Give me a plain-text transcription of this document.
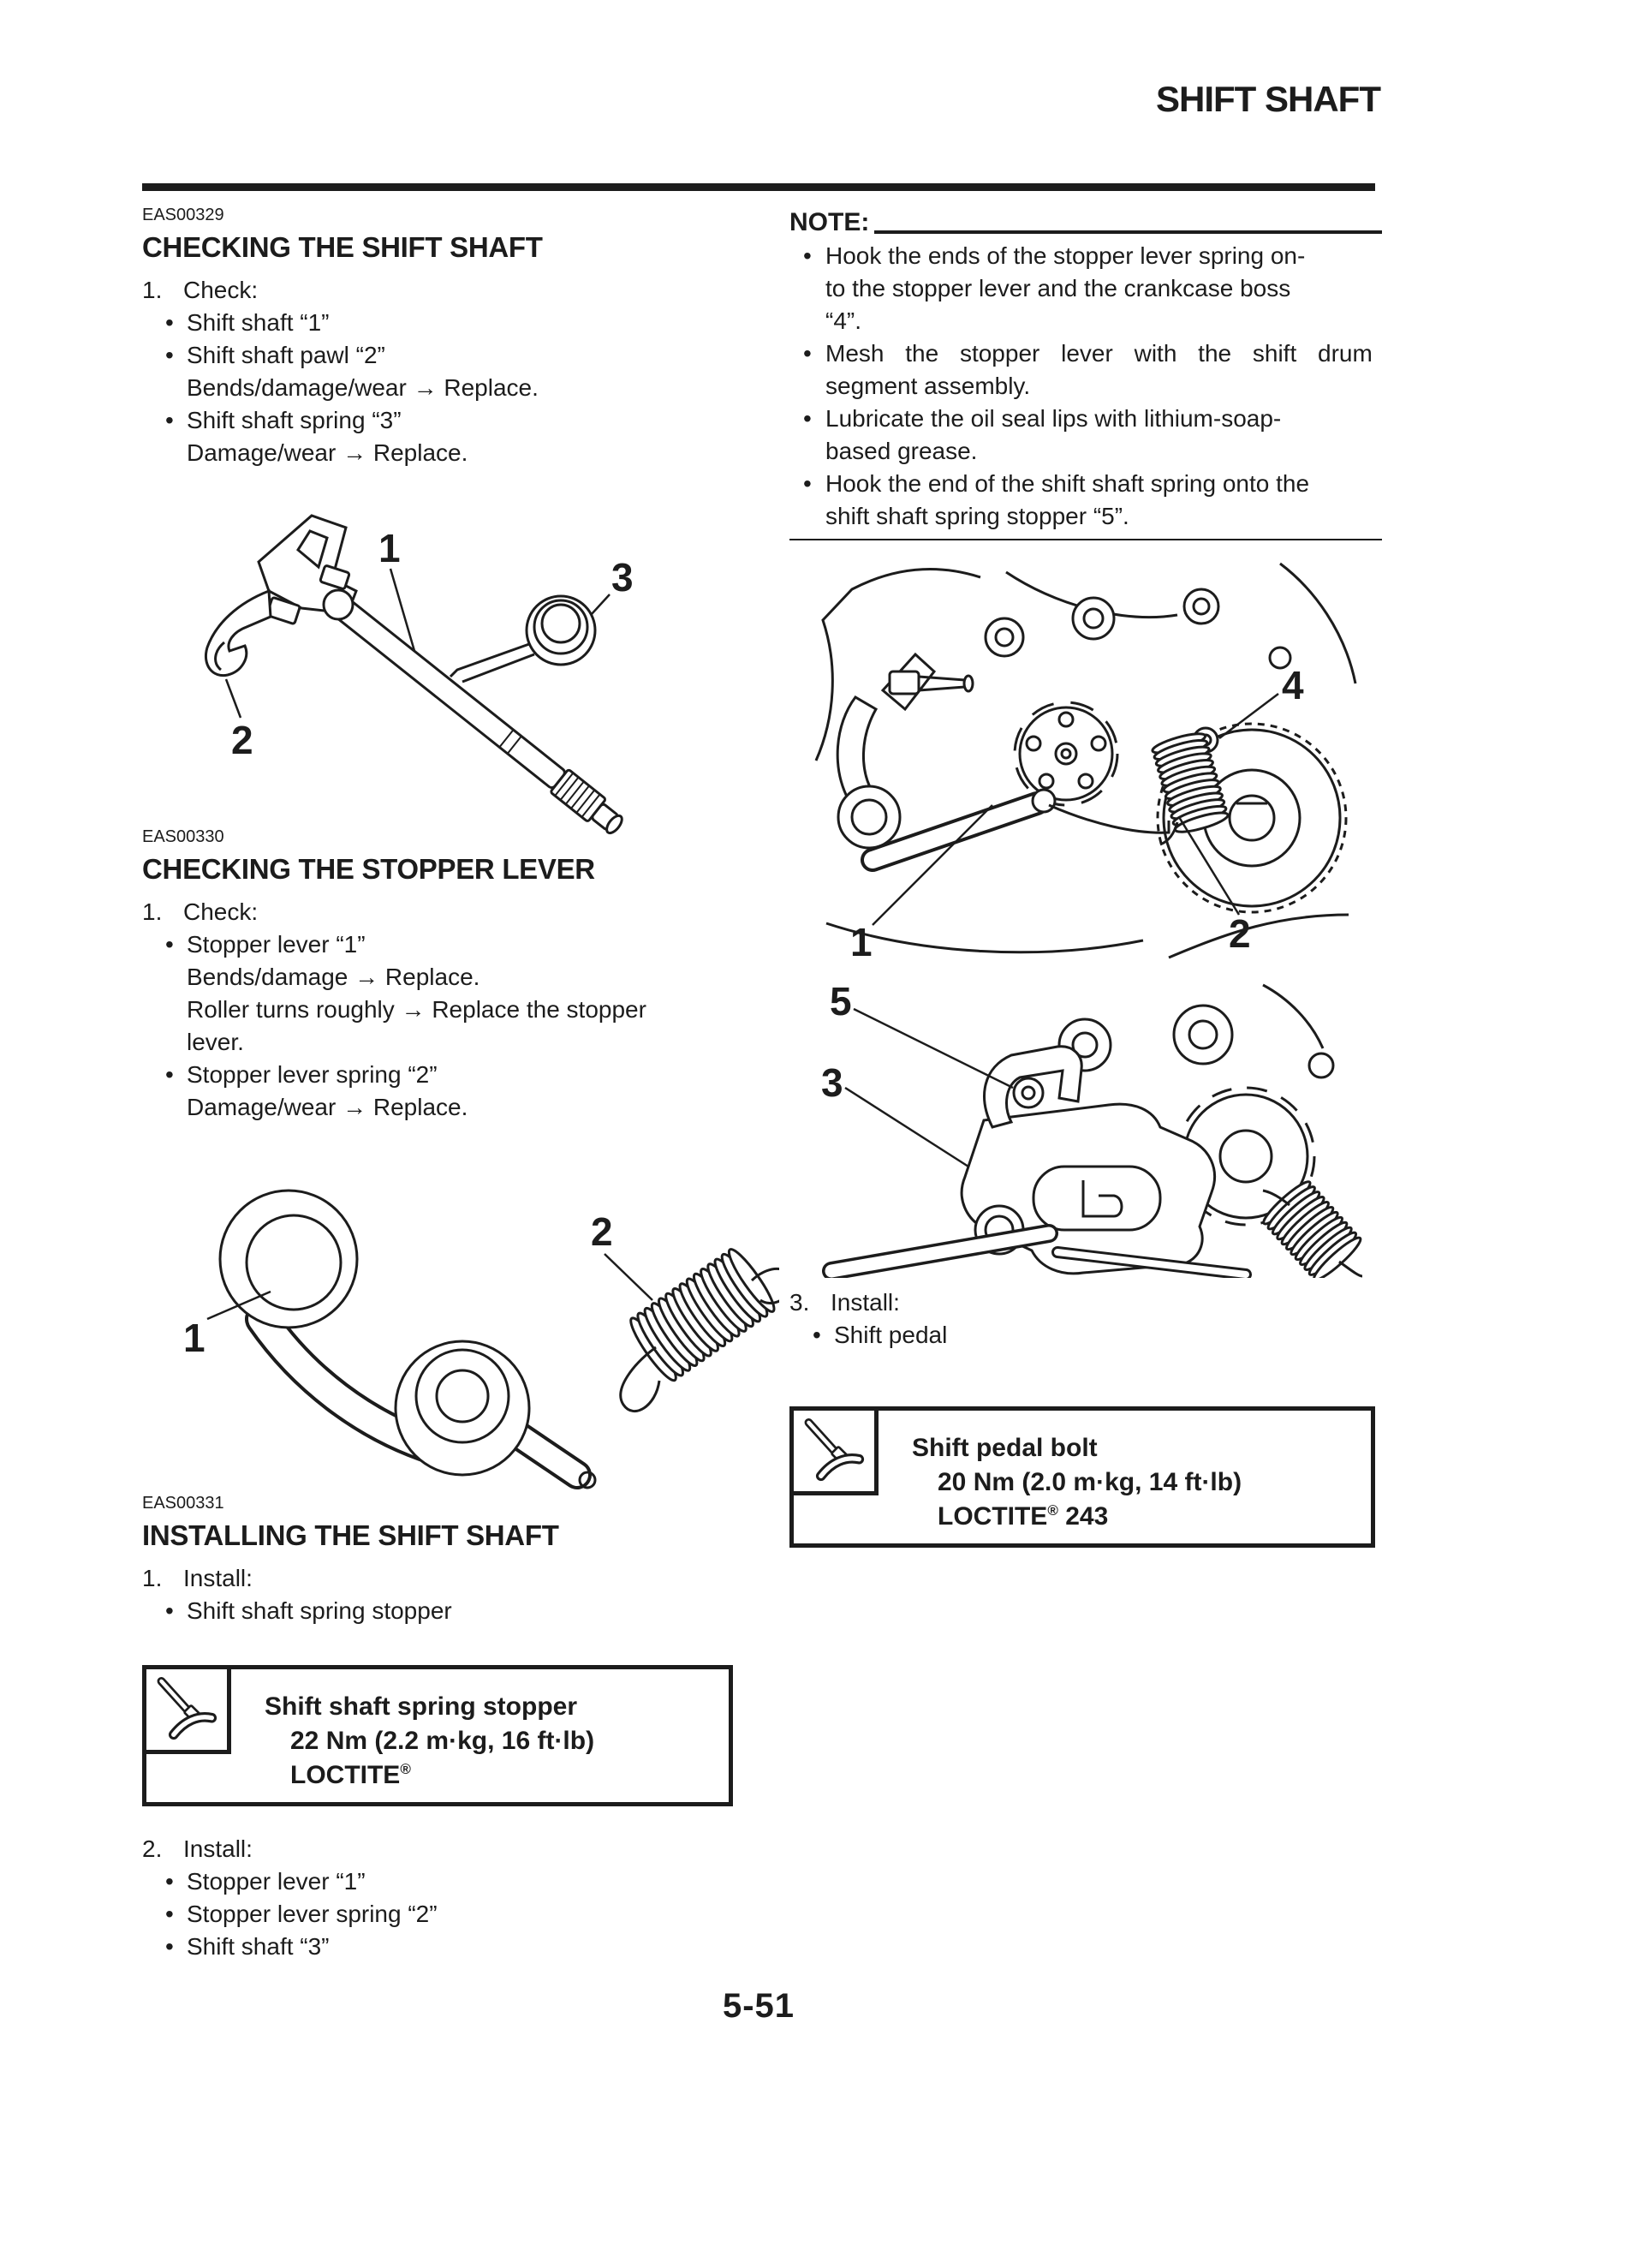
SHIFT SHAFT
EAS00329
CHECKING THE SHIFT SHAFT
1. Check:
• Shift shaft “1”
• Shift shaft pawl “2”
Bends/damage/wear → Replace.
• Shift shaft spring “3”
Damage/wear → Replace.
1
2
3
EAS00330
CHECKING THE STOPPER LEVER
1. Check:
• Stopper lever “1”
Bends/damage → Replace.
Roller turns roughly → Replace the stopper
lever.
• Stopper lever spring “2”
Damage/wear → Replace.
1
2
EAS00331
INSTALLING THE SHIFT SHAFT
1. Install:
• Shift shaft spring stopper
Shift shaft spring stopper
22 Nm (2.2 m·kg, 16 ft·lb)
LOCTITE®
2. Install:
• Stopper lever “1”
• Stopper lever spring “2”
• Shift shaft “3”
5-51
NOTE:
• Hook the ends of the stopper lever spring on-
to the stopper lever and the crankcase boss
“4”.
• Mesh the stopper lever with the shift drum
segment assembly.
• Lubricate the oil seal lips with lithium-soap-
based grease.
• Hook the end of the shift shaft spring onto the
shift shaft spring stopper “5”.
1	2
4
3
5
3. Install:
• Shift pedal
Shift pedal bolt
20 Nm (2.0 m·kg, 14 ft·lb)
LOCTITE® 243
